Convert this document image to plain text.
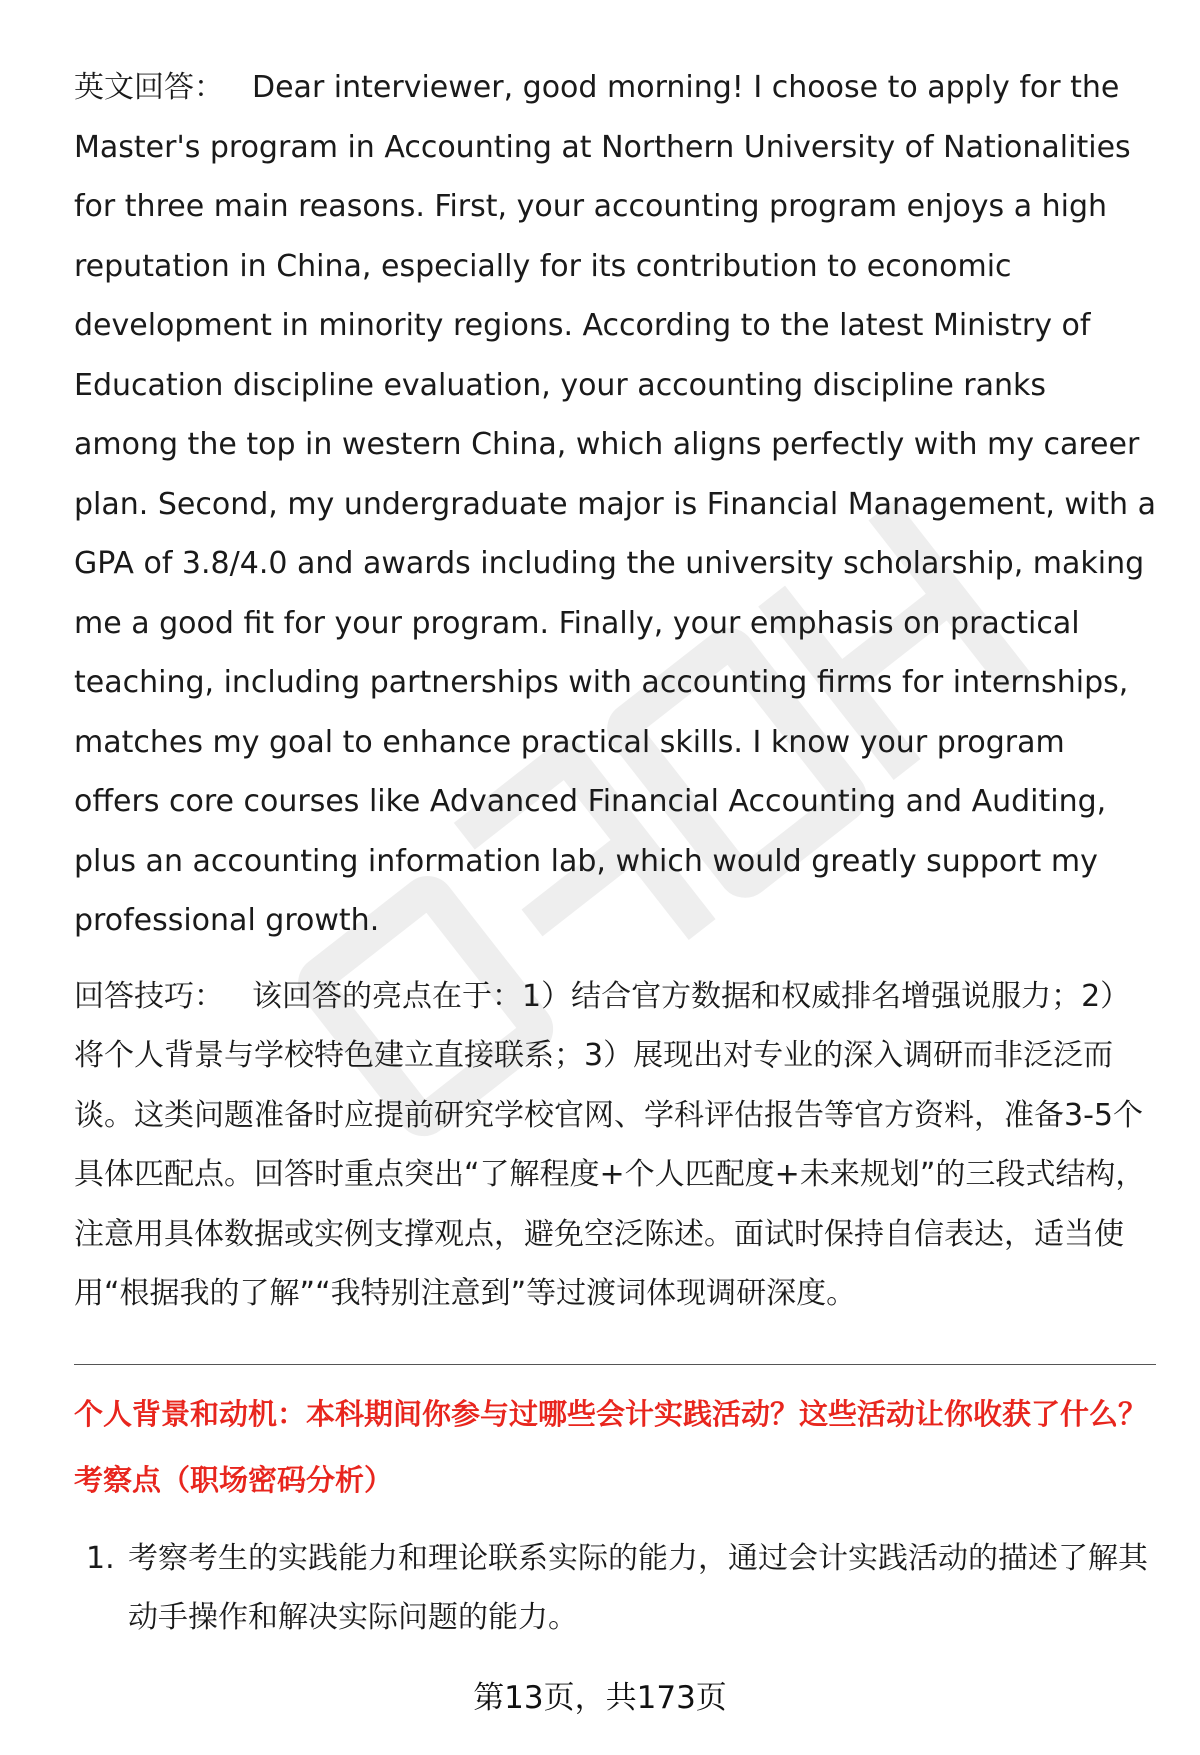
英文回答： Dear interviewer, good morning! I choose to apply for the Master's program in Accounting at Northern University of Nationalities for three main reasons. First, your accounting program enjoys a high reputation in China, especially for its contribution to economic development in minority regions. According to the latest Ministry of Education discipline evaluation, your accounting discipline ranks among the top in western China, which aligns perfectly with my career plan. Second, my undergraduate major is Financial Management, with a GPA of 3.8/4.0 and awards including the university scholarship, making me a good fit for your program. Finally, your emphasis on practical teaching, including partnerships with accounting firms for internships, matches my goal to enhance practical skills. I know your program offers core courses like Advanced Financial Accounting and Auditing, plus an accounting information lab, which would greatly support my professional growth.

回答技巧： 该回答的亮点在于：1）结合官方数据和权威排名增强说服力；2）将个人背景与学校特色建立直接联系；3）展现出对专业的深入调研而非泛泛而谈。这类问题准备时应提前研究学校官网、学科评估报告等官方资料，准备3-5个具体匹配点。回答时重点突出“了解程度+个人匹配度+未来规划”的三段式结构，注意用具体数据或实例支撑观点，避免空泛陈述。面试时保持自信表达，适当使用“根据我的了解”“我特别注意到”等过渡词体现调研深度。

个人背景和动机：本科期间你参与过哪些会计实践活动？这些活动让你收获了什么？
考察点（职场密码分析）
1. 考察考生的实践能力和理论联系实际的能力，通过会计实践活动的描述了解其动手操作和解决实际问题的能力。
第13页，共173页
